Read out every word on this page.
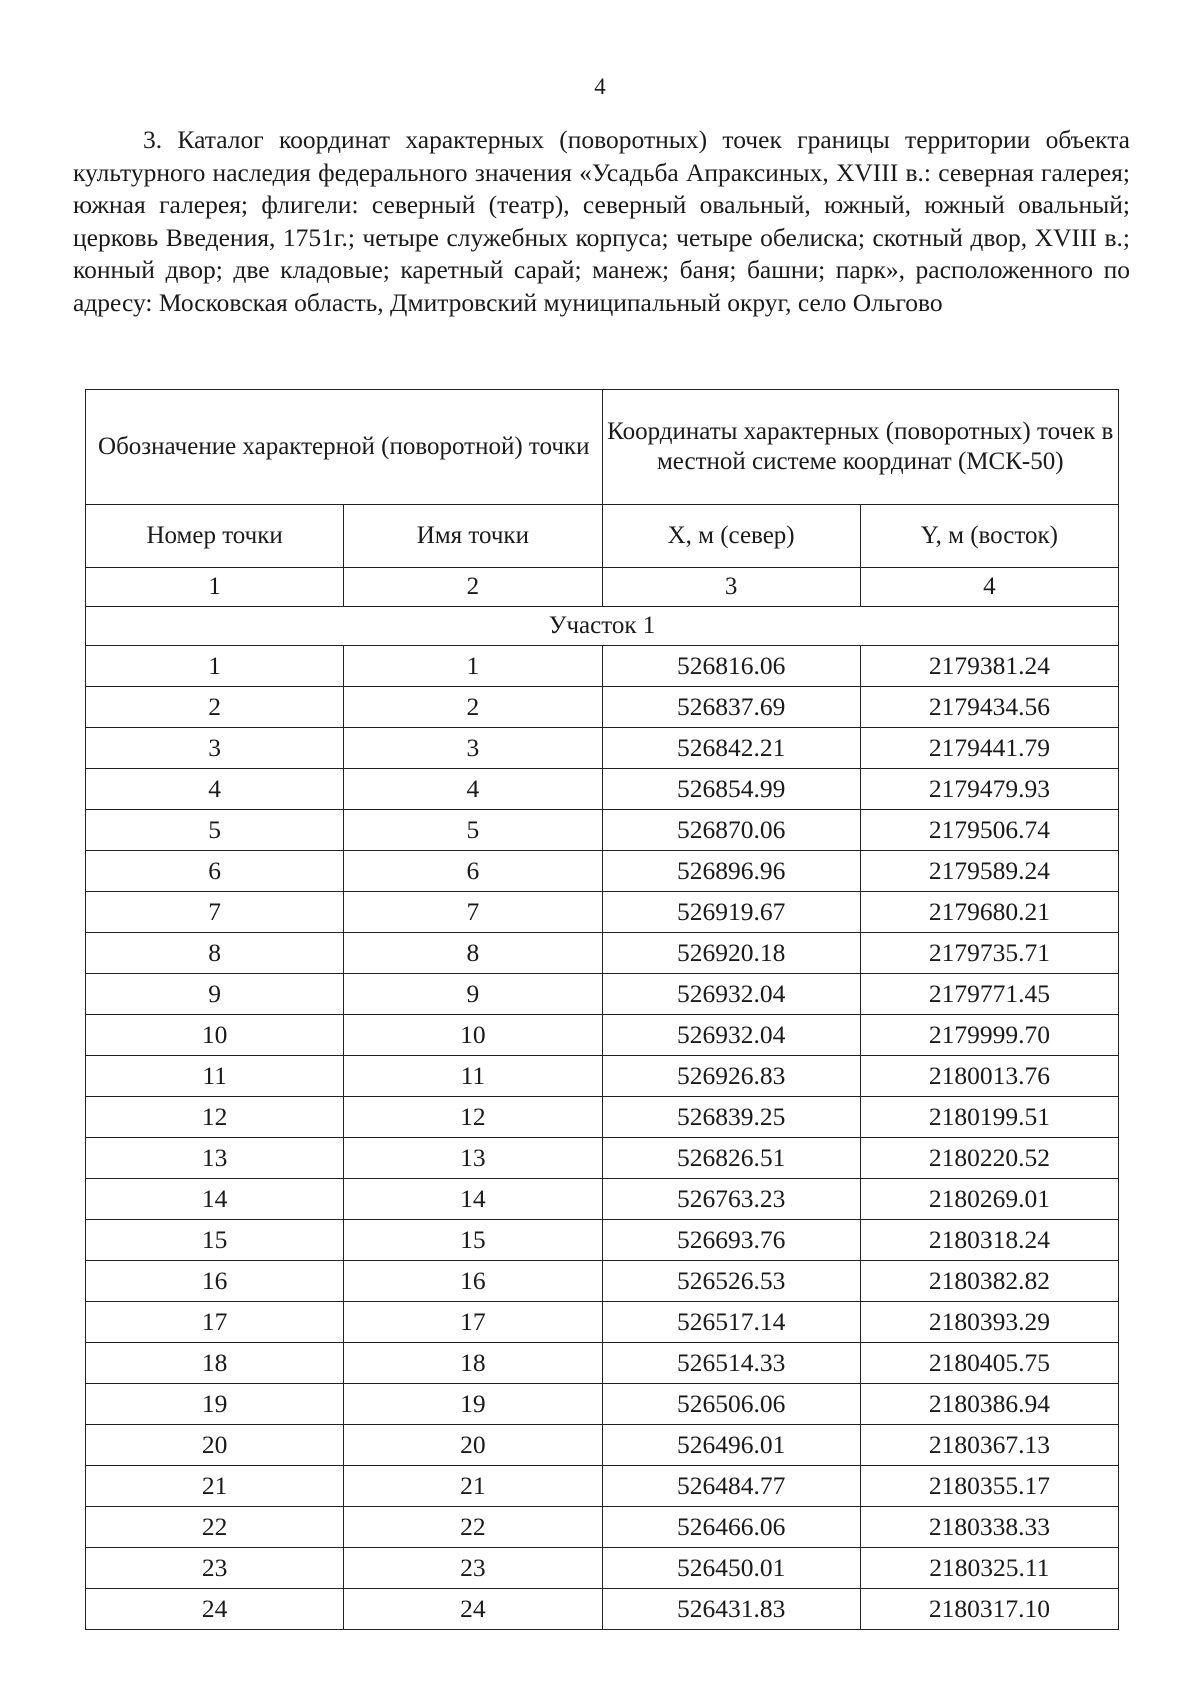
4

3. Каталог координат характерных (поворотных) точек границы территории объекта культурного наследия федерального значения «Усадьба Апраксиных, XVIII в.: северная галерея; южная галерея; флигели: северный (театр), северный овальный, южный, южный овальный; церковь Введения, 1751г.; четыре служебных корпуса; четыре обелиска; скотный двор, XVIII в.; конный двор; две кладовые; каретный сарай; манеж; баня; башни; парк», расположенного по адресу: Московская область, Дмитровский муниципальный округ, село Ольгово

Обозначение характерной (поворотной) точки		Координаты характерных (поворотных) точек в местной системе координат (МСК-50)	
Номер точки	Имя точки	X, м (север)	Y, м (восток)
1	2	3	4
Участок 1			
1	1	526816.06	2179381.24
2	2	526837.69	2179434.56
3	3	526842.21	2179441.79
4	4	526854.99	2179479.93
5	5	526870.06	2179506.74
6	6	526896.96	2179589.24
7	7	526919.67	2179680.21
8	8	526920.18	2179735.71
9	9	526932.04	2179771.45
10	10	526932.04	2179999.70
11	11	526926.83	2180013.76
12	12	526839.25	2180199.51
13	13	526826.51	2180220.52
14	14	526763.23	2180269.01
15	15	526693.76	2180318.24
16	16	526526.53	2180382.82
17	17	526517.14	2180393.29
18	18	526514.33	2180405.75
19	19	526506.06	2180386.94
20	20	526496.01	2180367.13
21	21	526484.77	2180355.17
22	22	526466.06	2180338.33
23	23	526450.01	2180325.11
24	24	526431.83	2180317.10
